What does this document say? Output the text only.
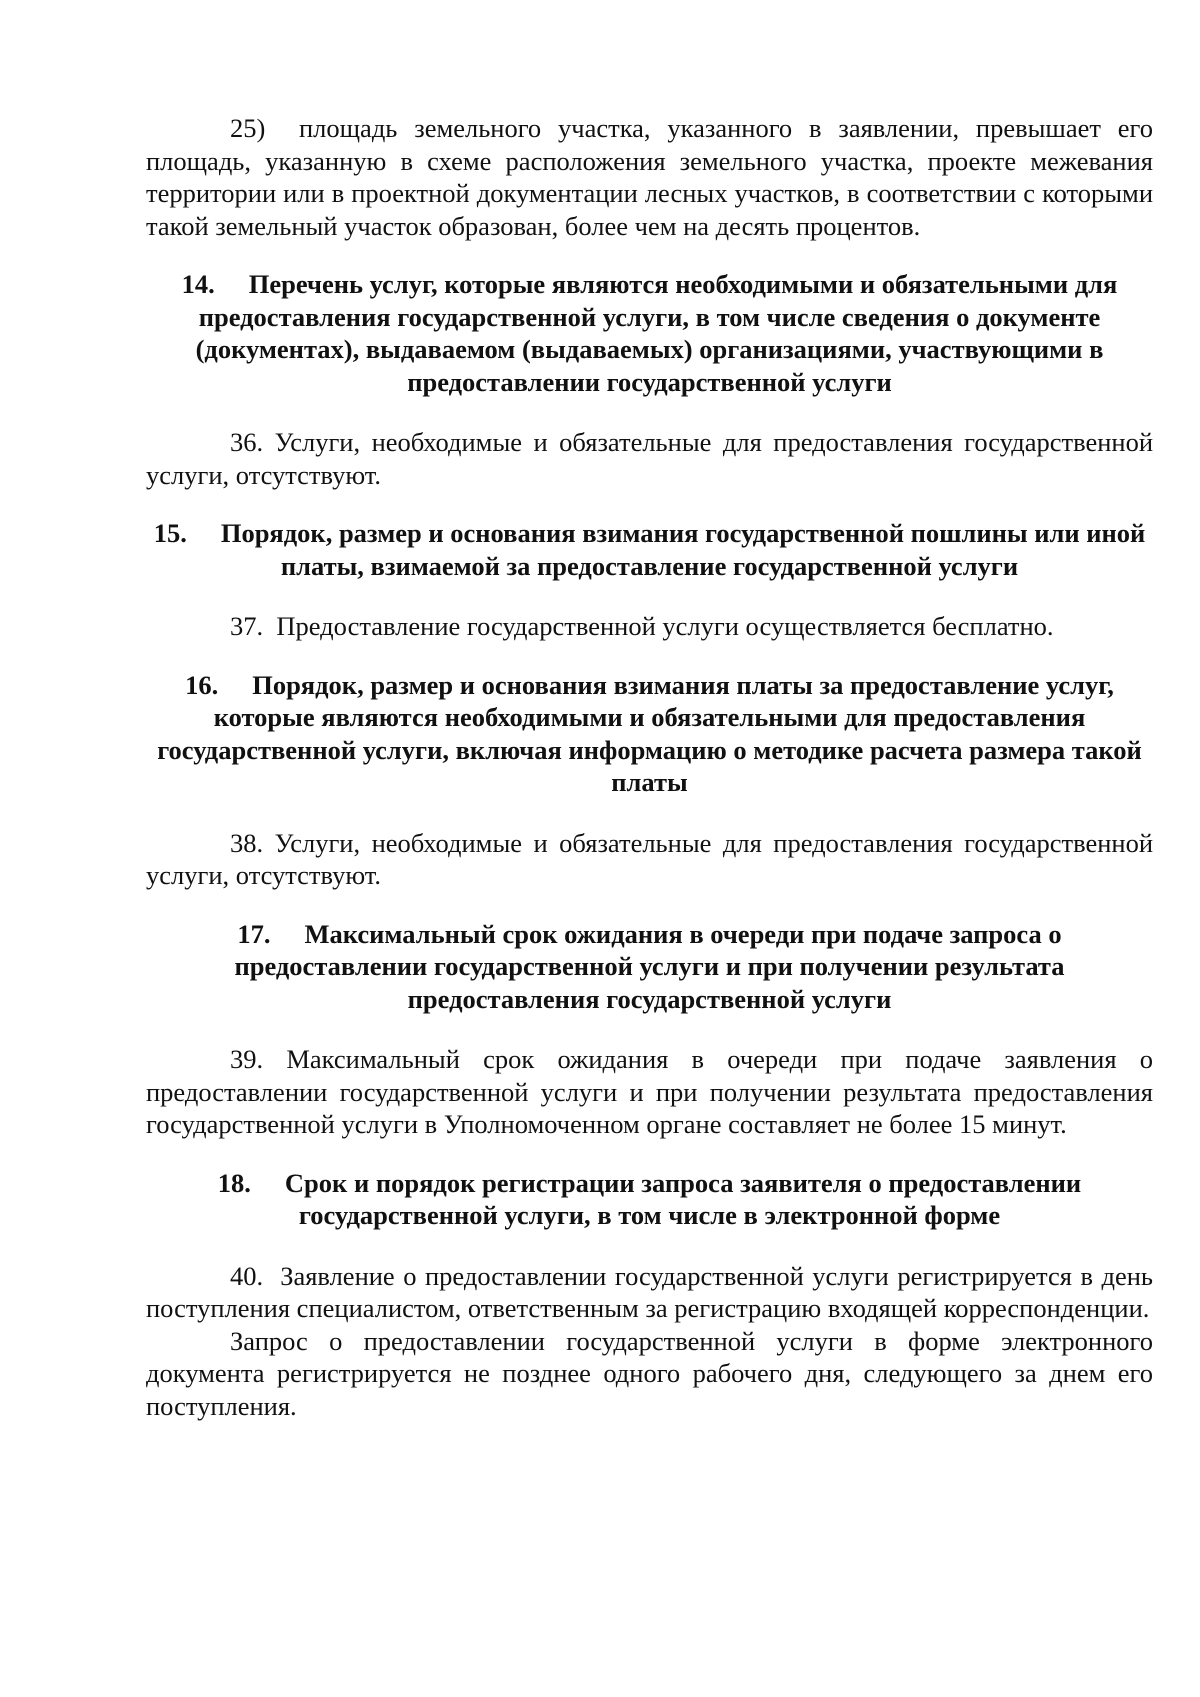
25) площадь земельного участка, указанного в заявлении, превышает его площадь, указанную в схеме расположения земельного участка, проекте межевания территории или в проектной документации лесных участков, в соответствии с которыми такой земельный участок образован, более чем на десять процентов.

14. Перечень услуг, которые являются необходимыми и обязательными для предоставления государственной услуги, в том числе сведения о документе (документах), выдаваемом (выдаваемых) организациями, участвующими в предоставлении государственной услуги

36. Услуги, необходимые и обязательные для предоставления государственной услуги, отсутствуют.

15. Порядок, размер и основания взимания государственной пошлины или иной платы, взимаемой за предоставление государственной услуги

37. Предоставление государственной услуги осуществляется бесплатно.

16. Порядок, размер и основания взимания платы за предоставление услуг, которые являются необходимыми и обязательными для предоставления государственной услуги, включая информацию о методике расчета размера такой платы

38. Услуги, необходимые и обязательные для предоставления государственной услуги, отсутствуют.

17. Максимальный срок ожидания в очереди при подаче запроса о предоставлении государственной услуги и при получении результата предоставления государственной услуги

39. Максимальный срок ожидания в очереди при подаче заявления о предоставлении государственной услуги и при получении результата предоставления государственной услуги в Уполномоченном органе составляет не более 15 минут.

18. Срок и порядок регистрации запроса заявителя о предоставлении государственной услуги, в том числе в электронной форме

40. Заявление о предоставлении государственной услуги регистрируется в день поступления специалистом, ответственным за регистрацию входящей корреспонденции.

Запрос о предоставлении государственной услуги в форме электронного документа регистрируется не позднее одного рабочего дня, следующего за днем его поступления.
